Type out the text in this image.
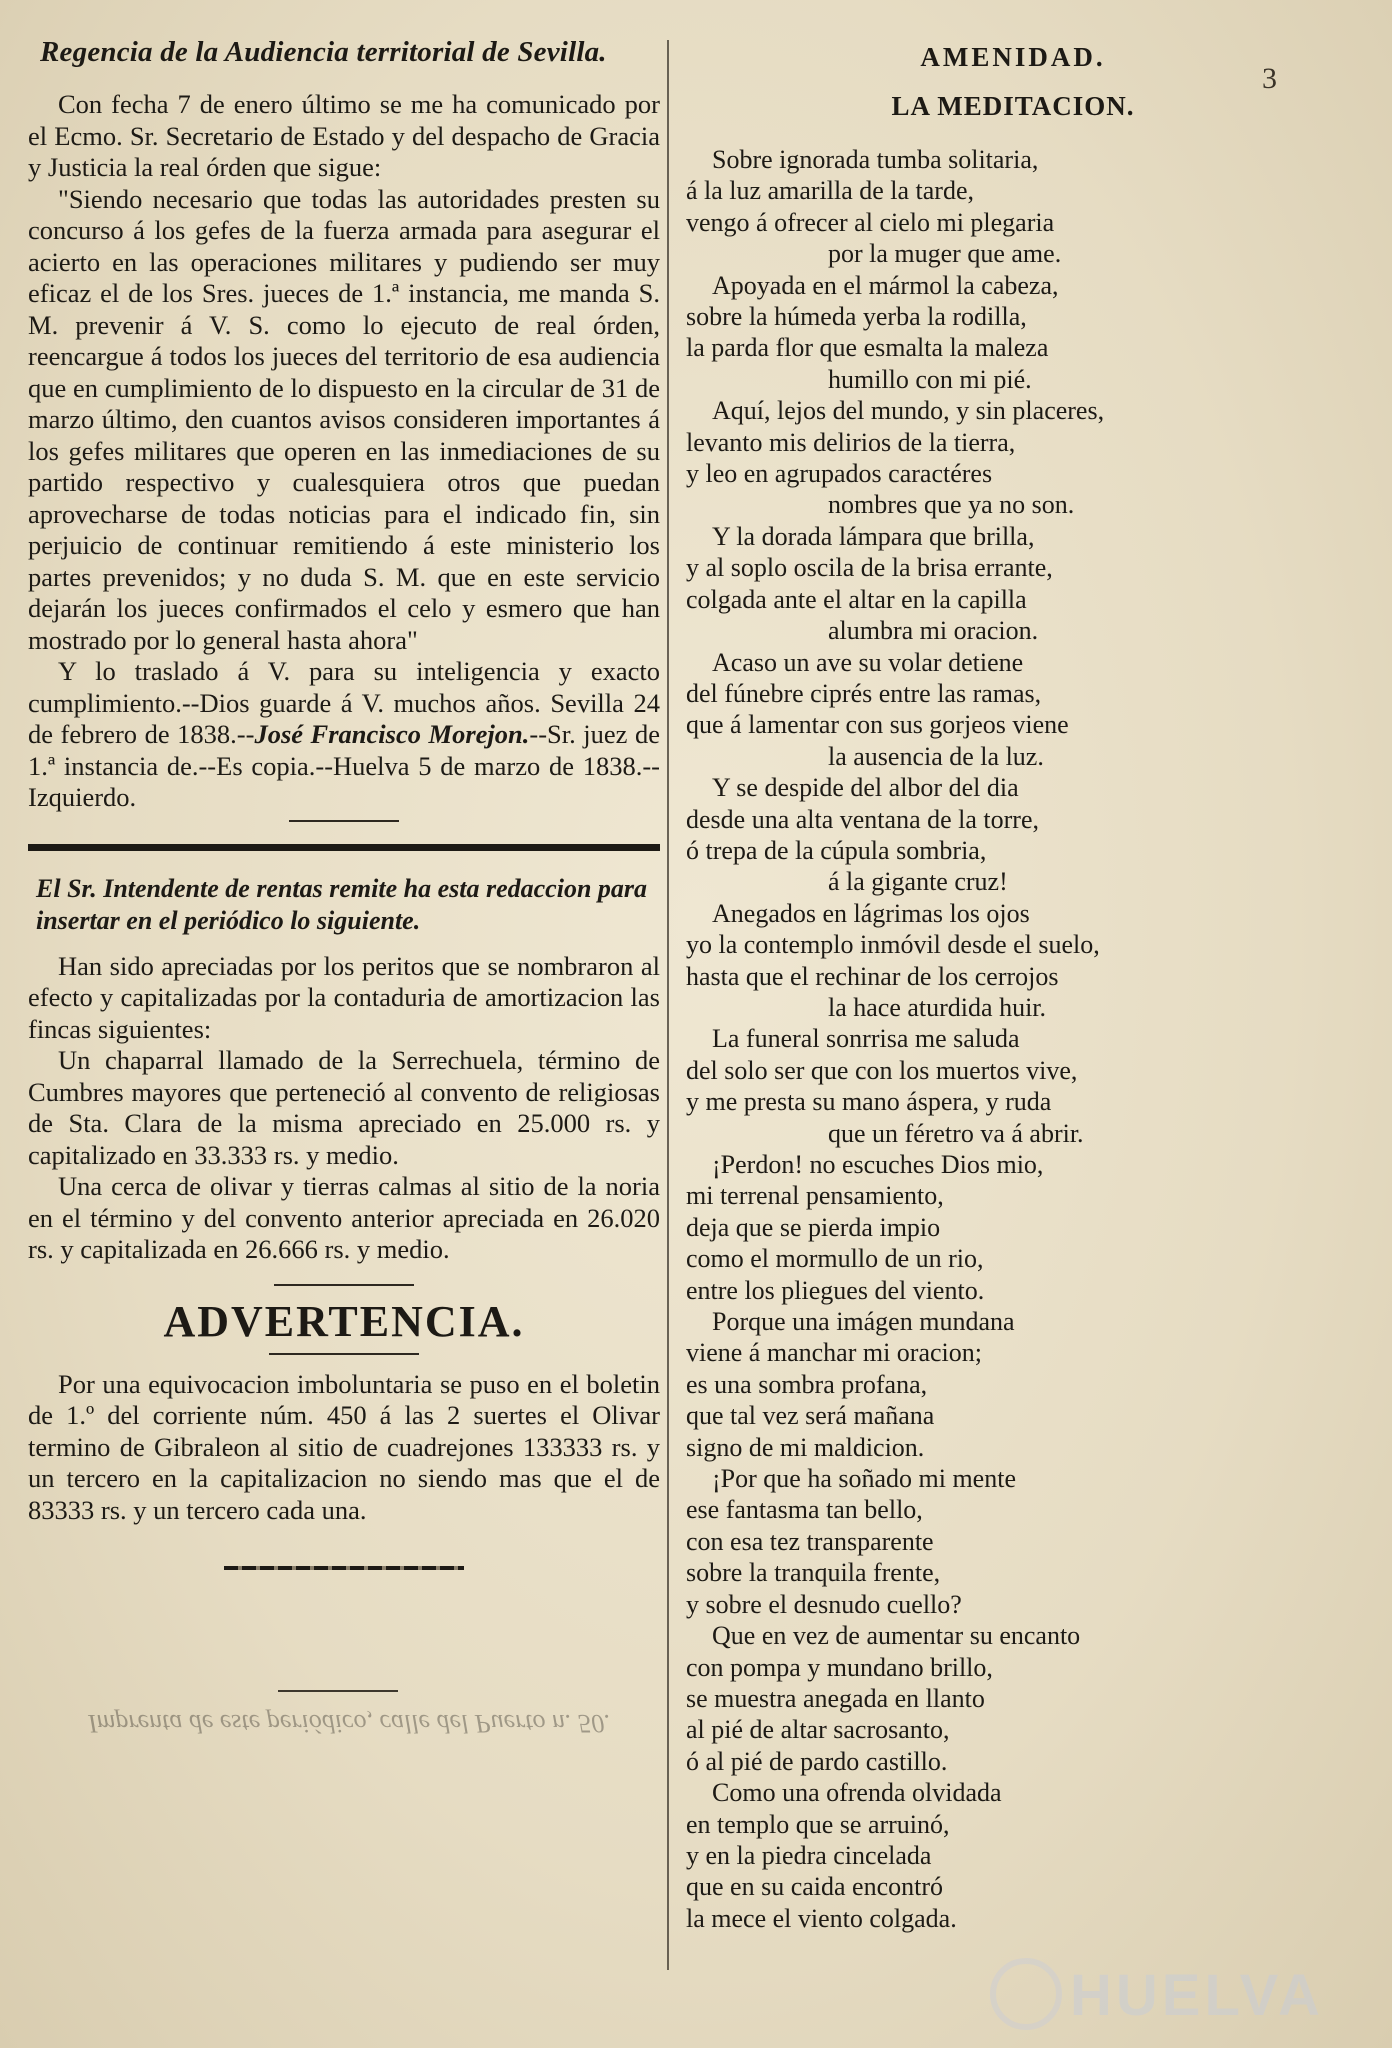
3
Regencia de la Audiencia territorial de Sevilla.

Con fecha 7 de enero último se me ha comunicado por el Ecmo. Sr. Secretario de Estado y del despacho de Gracia y Justicia la real órden que sigue:

"Siendo necesario que todas las autoridades presten su concurso á los gefes de la fuerza armada para asegurar el acierto en las operaciones militares y pudiendo ser muy eficaz el de los Sres. jueces de 1.ª instancia, me manda S. M. prevenir á V. S. como lo ejecuto de real órden, reencargue á todos los jueces del territorio de esa audiencia que en cumplimiento de lo dispuesto en la circular de 31 de marzo último, den cuantos avisos consideren importantes á los gefes militares que operen en las inmediaciones de su partido respectivo y cualesquiera otros que puedan aprovecharse de todas noticias para el indicado fin, sin perjuicio de continuar remitiendo á este ministerio los partes prevenidos; y no duda S. M. que en este servicio dejarán los jueces confirmados el celo y esmero que han mostrado por lo general hasta ahora"

Y lo traslado á V. para su inteligencia y exacto cumplimiento.--Dios guarde á V. muchos años. Sevilla 24 de febrero de 1838.--José Francisco Morejon.--Sr. juez de 1.ª instancia de.--Es copia.--Huelva 5 de marzo de 1838.--Izquierdo.

El Sr. Intendente de rentas remite ha esta redaccion para insertar en el periódico lo siguiente.

Han sido apreciadas por los peritos que se nombraron al efecto y capitalizadas por la contaduria de amortizacion las fincas siguientes:

Un chaparral llamado de la Serrechuela, término de Cumbres mayores que perteneció al convento de religiosas de Sta. Clara de la misma apreciado en 25.000 rs. y capitalizado en 33.333 rs. y medio.

Una cerca de olivar y tierras calmas al sitio de la noria en el término y del convento anterior apreciada en 26.020 rs. y capitalizada en 26.666 rs. y medio.

ADVERTENCIA.

Por una equivocacion imboluntaria se puso en el boletin de 1.º del corriente núm. 450 á las 2 suertes el Olivar termino de Gibraleon al sitio de cuadrejones 133333 rs. y un tercero en la capitalizacion no siendo mas que el de 83333 rs. y un tercero cada una.

Imprenta de este periódico, calle del Puerto n. 50.
AMENIDAD.
LA MEDITACION.
Sobre ignorada tumba solitaria,
á la luz amarilla de la tarde,
vengo á ofrecer al cielo mi plegaria
por la muger que ame.
Apoyada en el mármol la cabeza,
sobre la húmeda yerba la rodilla,
la parda flor que esmalta la maleza
humillo con mi pié.
Aquí, lejos del mundo, y sin placeres,
levanto mis delirios de la tierra,
y leo en agrupados caractéres
nombres que ya no son.
Y la dorada lámpara que brilla,
y al soplo oscila de la brisa errante,
colgada ante el altar en la capilla
alumbra mi oracion.
Acaso un ave su volar detiene
del fúnebre ciprés entre las ramas,
que á lamentar con sus gorjeos viene
la ausencia de la luz.
Y se despide del albor del dia
desde una alta ventana de la torre,
ó trepa de la cúpula sombria,
á la gigante cruz!
Anegados en lágrimas los ojos
yo la contemplo inmóvil desde el suelo,
hasta que el rechinar de los cerrojos
la hace aturdida huir.
La funeral sonrrisa me saluda
del solo ser que con los muertos vive,
y me presta su mano áspera, y ruda
que un féretro va á abrir.
¡Perdon! no escuches Dios mio,
mi terrenal pensamiento,
deja que se pierda impio
como el mormullo de un rio,
entre los pliegues del viento.
Porque una imágen mundana
viene á manchar mi oracion;
es una sombra profana,
que tal vez será mañana
signo de mi maldicion.
¡Por que ha soñado mi mente
ese fantasma tan bello,
con esa tez transparente
sobre la tranquila frente,
y sobre el desnudo cuello?
Que en vez de aumentar su encanto
con pompa y mundano brillo,
se muestra anegada en llanto
al pié de altar sacrosanto,
ó al pié de pardo castillo.
Como una ofrenda olvidada
en templo que se arruinó,
y en la piedra cincelada
que en su caida encontró
la mece el viento colgada.
HUELVA
